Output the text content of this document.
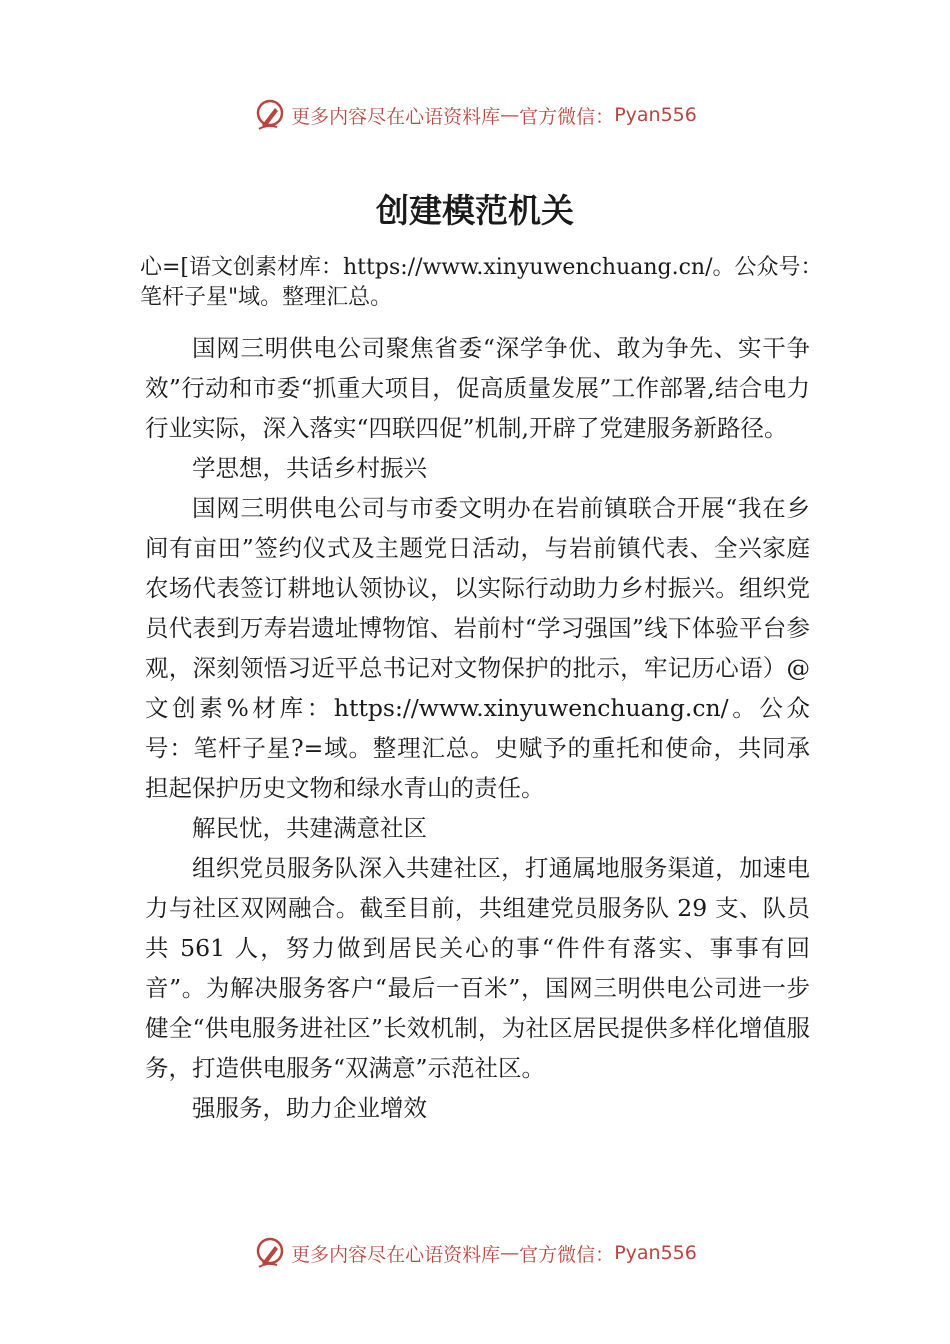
更多内容尽在心语资料库 — 官方微信： Pyan556
创建模范机关
心=[语文创素材库：https://www.xinyuwenchuang.cn/。公众号：笔杆子星"域。整理汇总。

国网三明供电公司聚焦省委“深学争优、敢为争先、实干争效”行动和市委“抓重大项目，促高质量发展”工作部署,结合电力行业实际，深入落实“四联四促”机制,开辟了党建服务新路径。

学思想，共话乡村振兴

国网三明供电公司与市委文明办在岩前镇联合开展“我在乡间有亩田”签约仪式及主题党日活动，与岩前镇代表、全兴家庭农场代表签订耕地认领协议，以实际行动助力乡村振兴。组织党员代表到万寿岩遗址博物馆、岩前村“学习强国”线下体验平台参观，深刻领悟习近平总书记对文物保护的批示，牢记历心语）@文创素%材库：https://www.xinyuwenchuang.cn/。公众号：笔杆子星?=域。整理汇总。史赋予的重托和使命，共同承担起保护历史文物和绿水青山的责任。

解民忧，共建满意社区

组织党员服务队深入共建社区，打通属地服务渠道，加速电力与社区双网融合。截至目前，共组建党员服务队 29 支、队员共 561 人，努力做到居民关心的事“件件有落实、事事有回音”。为解决服务客户“最后一百米”，国网三明供电公司进一步健全“供电服务进社区”长效机制，为社区居民提供多样化增值服务，打造供电服务“双满意”示范社区。

强服务，助力企业增效

更多内容尽在心语资料库 — 官方微信： Pyan556
